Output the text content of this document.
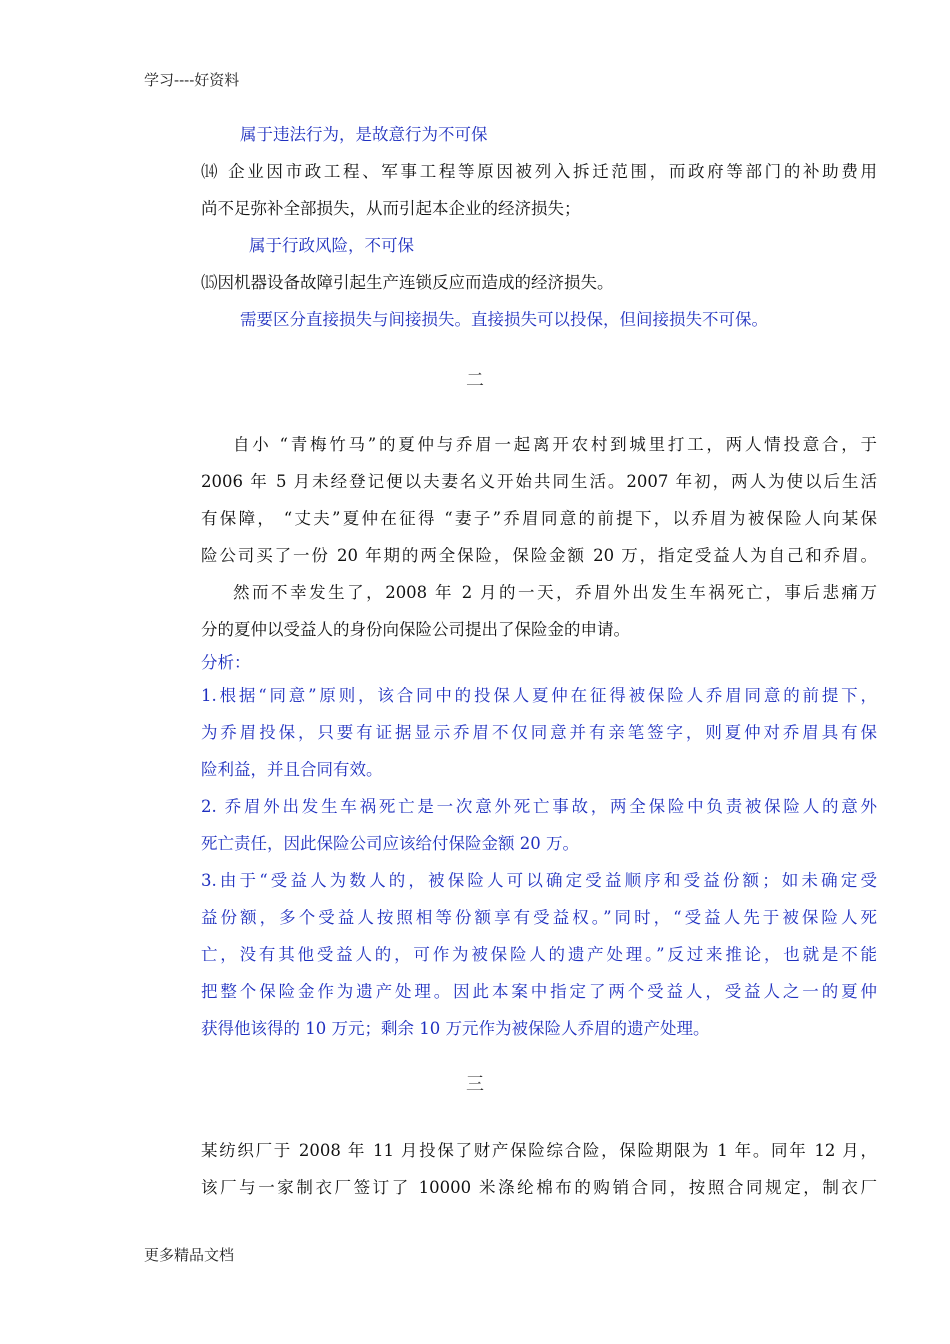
学习----好资料
属于违法行为，是故意行为不可保
⒁ 企业因市政工程、军事工程等原因被列入拆迁范围，而政府等部门的补助费用
尚不足弥补全部损失，从而引起本企业的经济损失；
属于行政风险，不可保
⒂因机器设备故障引起生产连锁反应而造成的经济损失。
需要区分直接损失与间接损失。直接损失可以投保，但间接损失不可保。
二
自小 “青梅竹马”的夏仲与乔眉一起离开农村到城里打工，两人情投意合，于
2006 年 5 月未经登记便以夫妻名义开始共同生活。2007 年初，两人为使以后生活
有保障， “丈夫”夏仲在征得 “妻子”乔眉同意的前提下，以乔眉为被保险人向某保
险公司买了一份 20 年期的两全保险，保险金额 20 万，指定受益人为自己和乔眉。
然而不幸发生了，2008 年 2 月的一天，乔眉外出发生车祸死亡，事后悲痛万
分的夏仲以受益人的身份向保险公司提出了保险金的申请。
分析：
1.根据“同意”原则，该合同中的投保人夏仲在征得被保险人乔眉同意的前提下，
为乔眉投保，只要有证据显示乔眉不仅同意并有亲笔签字，则夏仲对乔眉具有保
险利益，并且合同有效。
2. 乔眉外出发生车祸死亡是一次意外死亡事故，两全保险中负责被保险人的意外
死亡责任，因此保险公司应该给付保险金额 20 万。
3.由于“受益人为数人的，被保险人可以确定受益顺序和受益份额；如未确定受
益份额，多个受益人按照相等份额享有受益权。”同时，“受益人先于被保险人死
亡，没有其他受益人的，可作为被保险人的遗产处理。”反过来推论，也就是不能
把整个保险金作为遗产处理。因此本案中指定了两个受益人，受益人之一的夏仲
获得他该得的 10 万元；剩余 10 万元作为被保险人乔眉的遗产处理。
三
某纺织厂于 2008 年 11 月投保了财产保险综合险，保险期限为 1 年。同年 12 月，
该厂与一家制衣厂签订了 10000 米涤纶棉布的购销合同，按照合同规定，制衣厂
更多精品文档
